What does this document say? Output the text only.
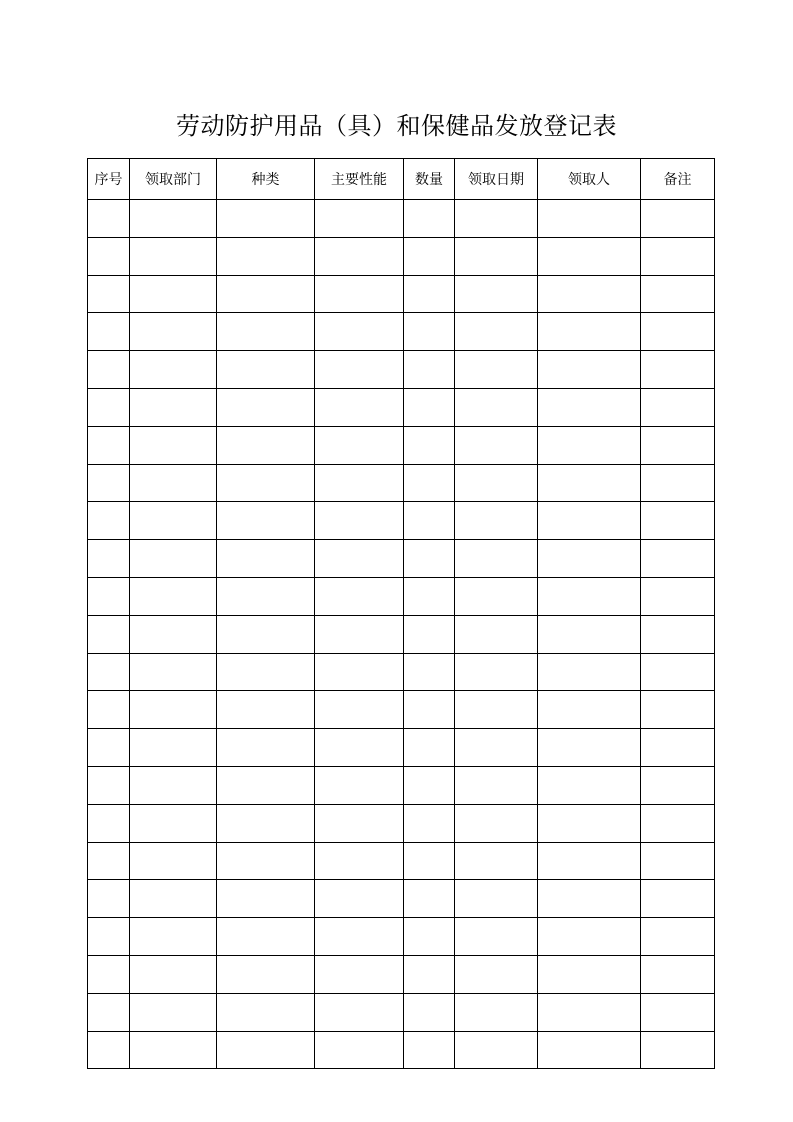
劳动防护用品（具）和保健品发放登记表
序号	领取部门	种类	主要性能	数量	领取日期	领取人	备注
